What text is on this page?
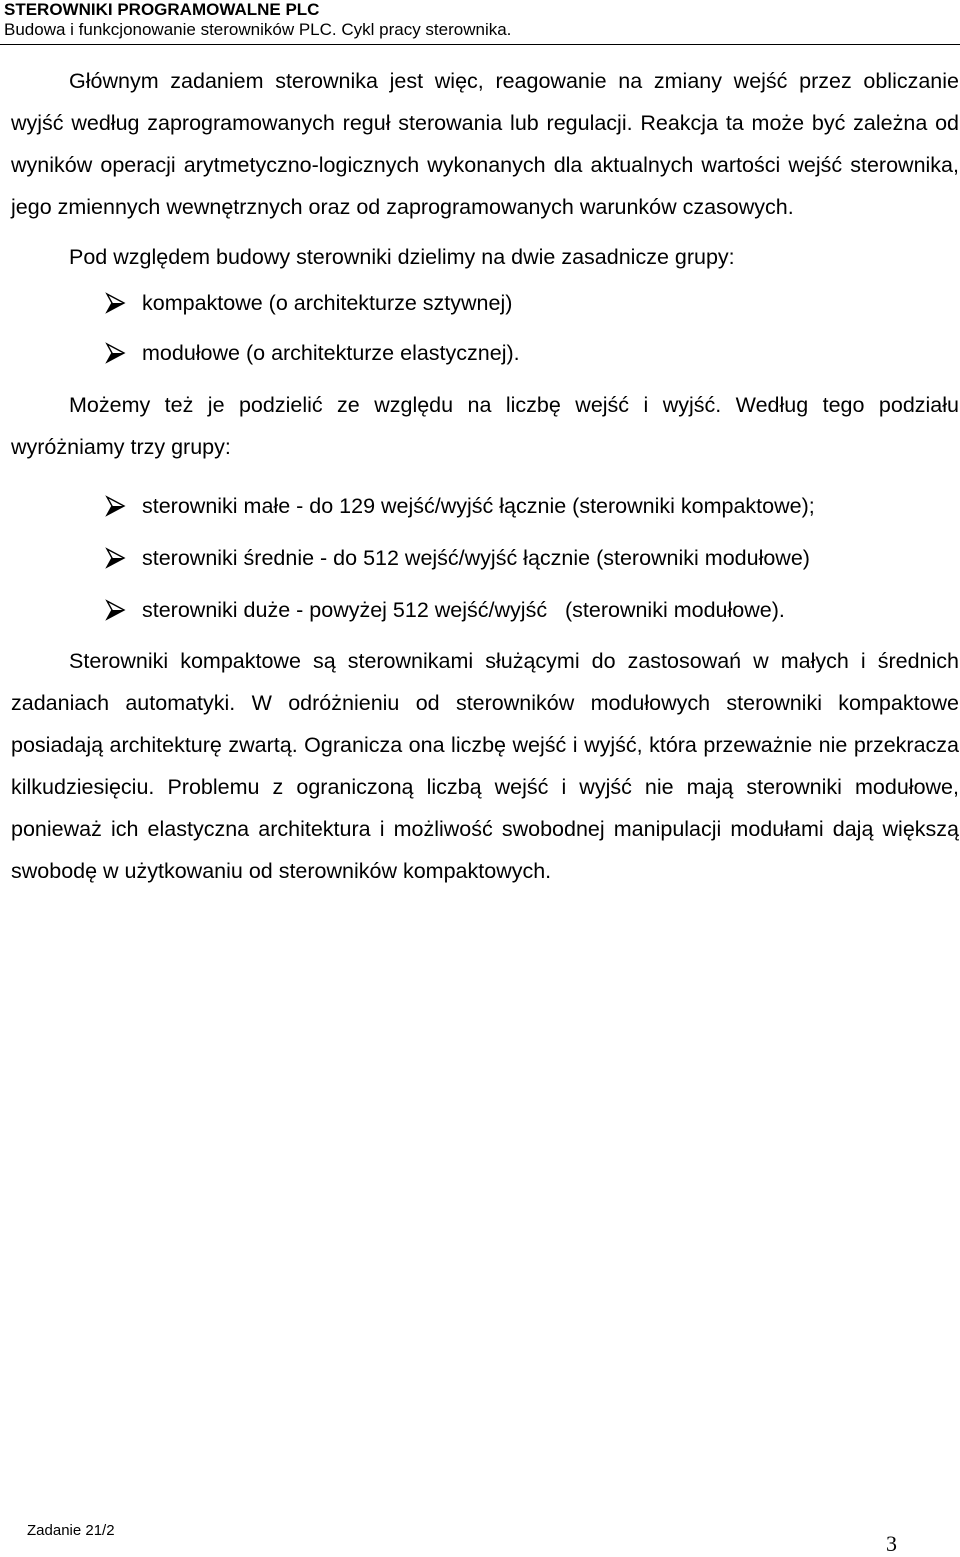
STEROWNIKI PROGRAMOWALNE PLC
Budowa i funkcjonowanie sterowników PLC. Cykl pracy sterownika.

Głównym zadaniem sterownika jest więc, reagowanie na zmiany wejść przez obliczanie wyjść według zaprogramowanych reguł sterowania lub regulacji. Reakcja ta może być zależna od wyników operacji arytmetyczno-logicznych wykonanych dla aktualnych wartości wejść sterownika, jego zmiennych wewnętrznych oraz od zaprogramowanych warunków czasowych.

Pod względem budowy sterowniki dzielimy na dwie zasadnicze grupy:

kompaktowe (o architekturze sztywnej)
modułowe (o architekturze elastycznej).

Możemy też je podzielić ze względu na liczbę wejść i wyjść. Według tego podziału wyróżniamy trzy grupy:

sterowniki małe - do 129 wejść/wyjść łącznie (sterowniki kompaktowe);
sterowniki średnie - do 512 wejść/wyjść łącznie (sterowniki modułowe)
sterowniki duże - powyżej 512 wejść/wyjść   (sterowniki modułowe).

Sterowniki kompaktowe są sterownikami służącymi do zastosowań w małych i średnich zadaniach automatyki. W odróżnieniu od sterowników modułowych sterowniki kompaktowe posiadają architekturę zwartą. Ogranicza ona liczbę wejść i wyjść, która przeważnie nie przekracza kilkudziesięciu. Problemu z ograniczoną liczbą wejść i wyjść nie mają sterowniki modułowe, ponieważ ich elastyczna architektura i możliwość swobodnej manipulacji modułami dają większą swobodę w użytkowaniu od sterowników kompaktowych.

Zadanie 21/2
3
